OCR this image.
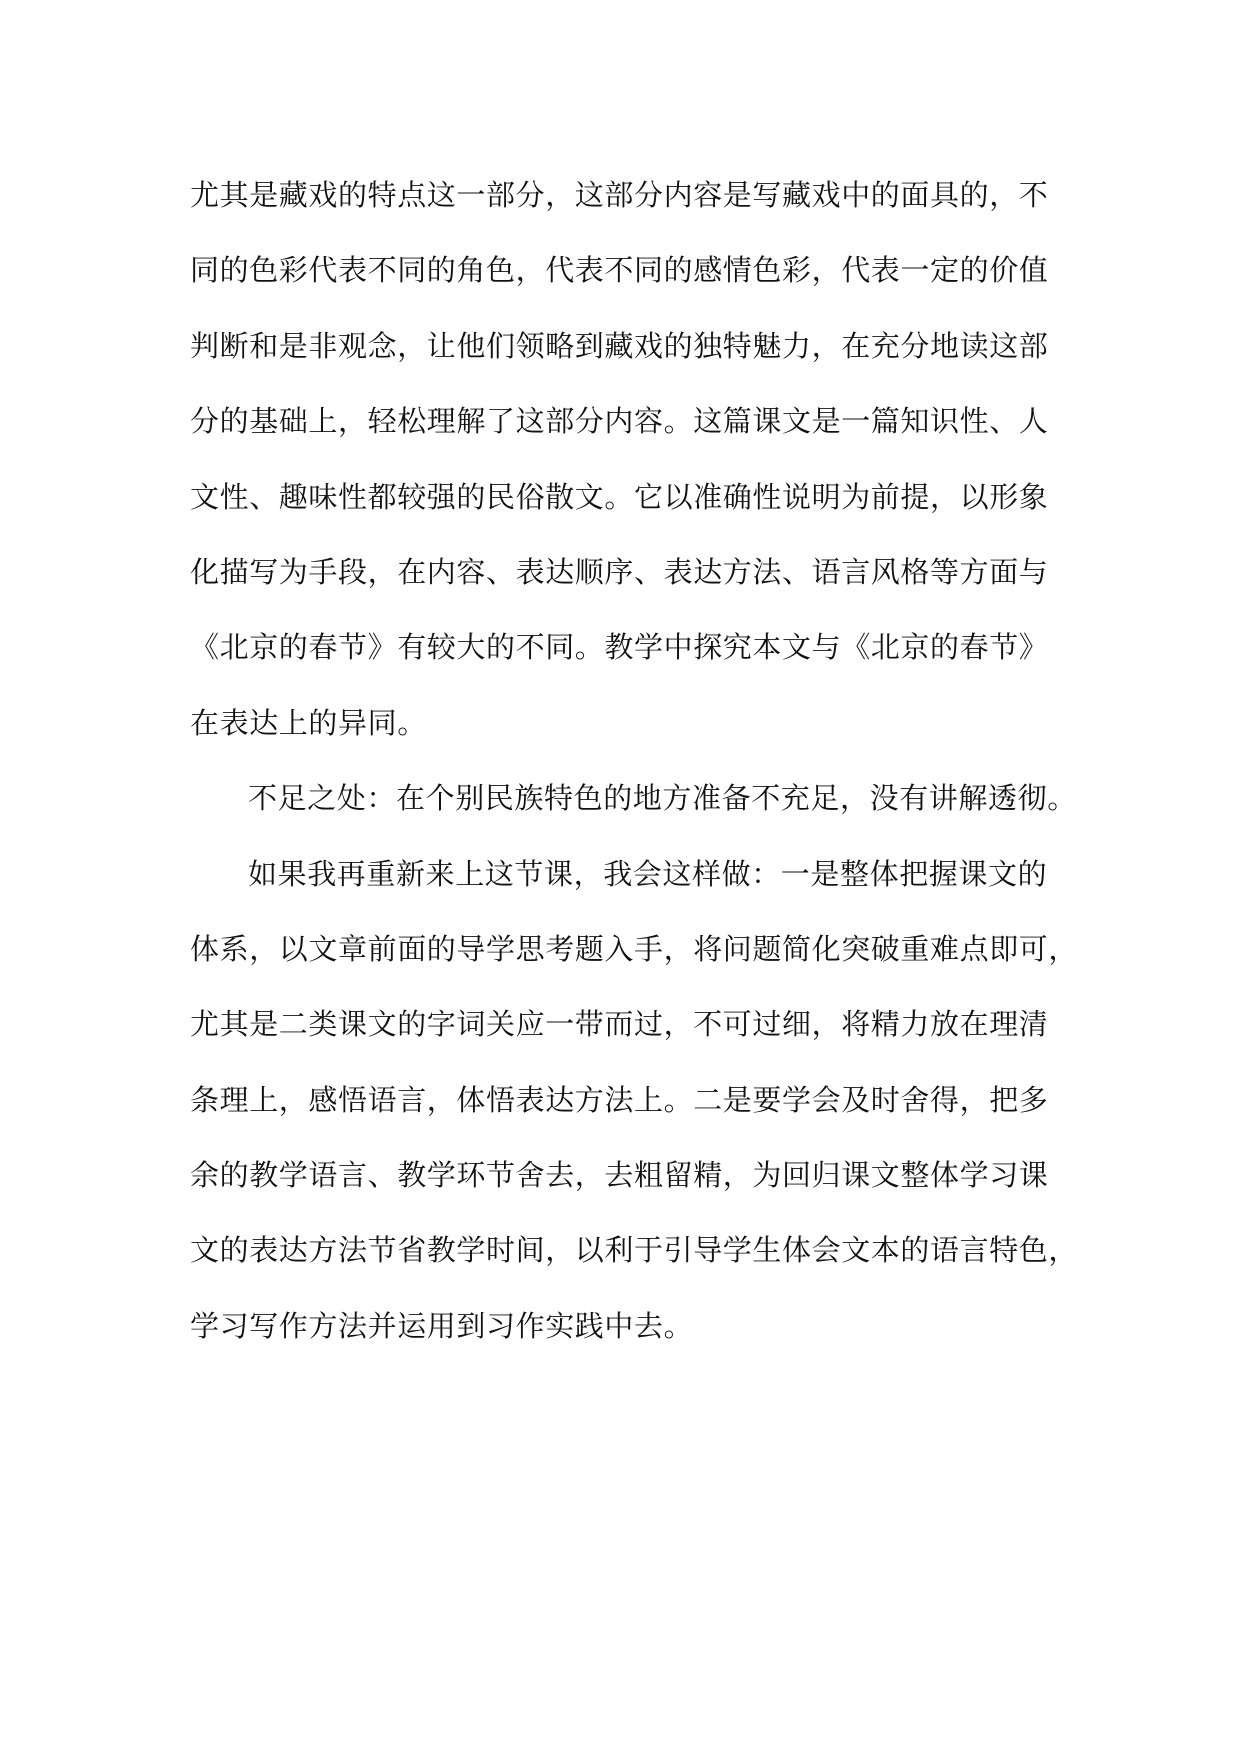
尤其是藏戏的特点这一部分，这部分内容是写藏戏中的面具的，不
同的色彩代表不同的角色，代表不同的感情色彩，代表一定的价值
判断和是非观念，让他们领略到藏戏的独特魅力，在充分地读这部
分的基础上，轻松理解了这部分内容。这篇课文是一篇知识性、人
文性、趣味性都较强的民俗散文。它以准确性说明为前提，以形象
化描写为手段，在内容、表达顺序、表达方法、语言风格等方面与
《北京的春节》有较大的不同。教学中探究本文与《北京的春节》
在表达上的异同。
不足之处：在个别民族特色的地方准备不充足，没有讲解透彻。
如果我再重新来上这节课，我会这样做：一是整体把握课文的
体系，以文章前面的导学思考题入手，将问题简化突破重难点即可，
尤其是二类课文的字词关应一带而过，不可过细，将精力放在理清
条理上，感悟语言，体悟表达方法上。二是要学会及时舍得，把多
余的教学语言、教学环节舍去，去粗留精，为回归课文整体学习课
文的表达方法节省教学时间，以利于引导学生体会文本的语言特色，
学习写作方法并运用到习作实践中去。
